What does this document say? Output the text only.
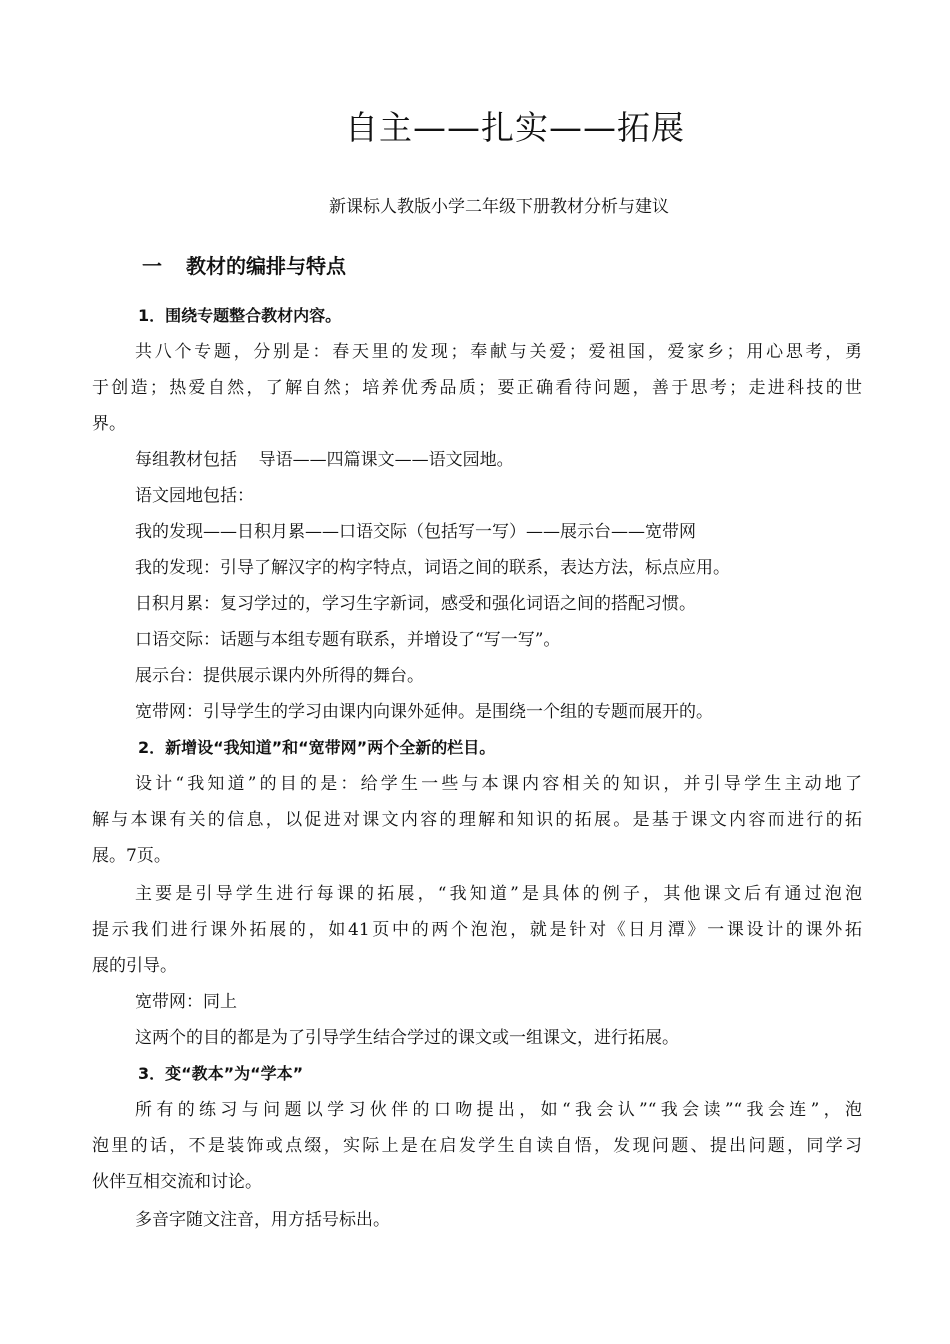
自主——扎实——拓展
新课标人教版小学二年级下册教材分析与建议
一 教材的编排与特点
1．围绕专题整合教材内容。
共八个专题，分别是：春天里的发现；奉献与关爱；爱祖国，爱家乡；用心思考，勇
于创造；热爱自然，了解自然；培养优秀品质；要正确看待问题，善于思考；走进科技的世
界。
每组教材包括    导语——四篇课文——语文园地。
语文园地包括：
我的发现——日积月累——口语交际（包括写一写）——展示台——宽带网
我的发现：引导了解汉字的构字特点，词语之间的联系，表达方法，标点应用。
日积月累：复习学过的，学习生字新词，感受和强化词语之间的搭配习惯。
口语交际：话题与本组专题有联系，并增设了“写一写”。
展示台：提供展示课内外所得的舞台。
宽带网：引导学生的学习由课内向课外延伸。是围绕一个组的专题而展开的。
2．新增设“我知道”和“宽带网”两个全新的栏目。
设计“我知道”的目的是：给学生一些与本课内容相关的知识，并引导学生主动地了
解与本课有关的信息，以促进对课文内容的理解和知识的拓展。是基于课文内容而进行的拓
展。7页。
主要是引导学生进行每课的拓展，“我知道”是具体的例子，其他课文后有通过泡泡
提示我们进行课外拓展的，如41页中的两个泡泡，就是针对《日月潭》一课设计的课外拓
展的引导。
宽带网：同上
这两个的目的都是为了引导学生结合学过的课文或一组课文，进行拓展。
3．变“教本”为“学本”
所有的练习与问题以学习伙伴的口吻提出，如“我会认”“我会读”“我会连”，泡
泡里的话，不是装饰或点缀，实际上是在启发学生自读自悟，发现问题、提出问题，同学习
伙伴互相交流和讨论。
多音字随文注音，用方括号标出。
